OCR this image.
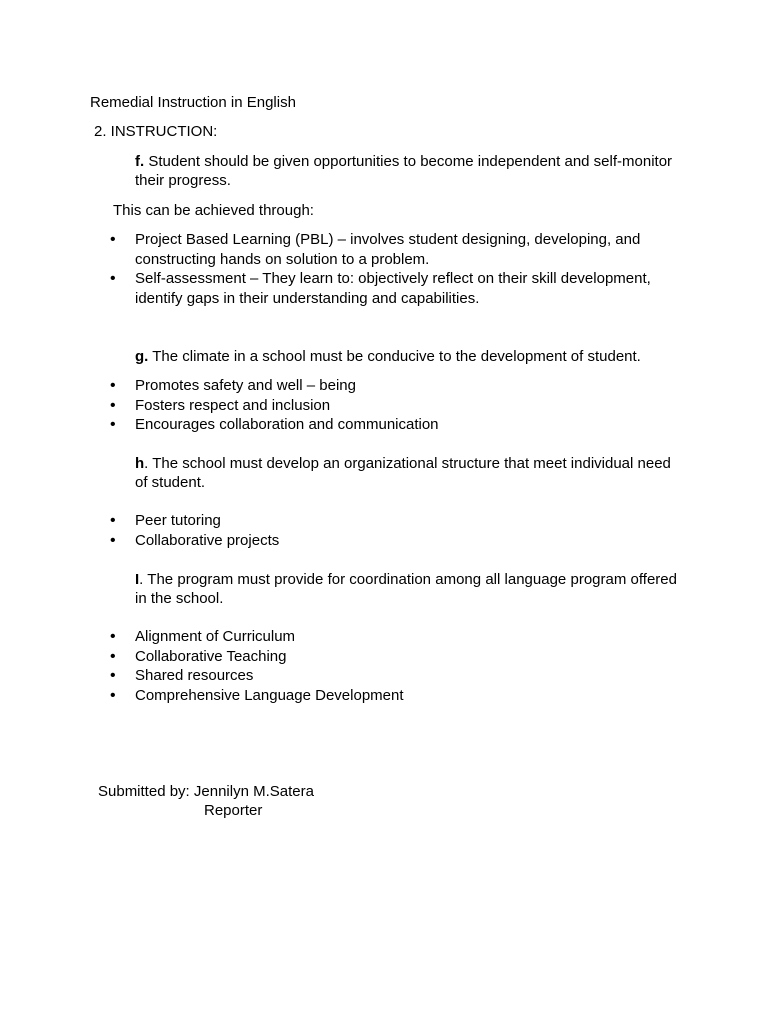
Remedial Instruction in English
2. INSTRUCTION:
f. Student should be given opportunities to become independent and self-monitor their progress.
This can be achieved through:
• Project Based Learning (PBL) – involves student designing, developing, and constructing hands on solution to a problem.
• Self-assessment – They learn to: objectively reflect on their skill development, identify gaps in their understanding and capabilities.
g. The climate in a school must be conducive to the development of student.
• Promotes safety and well – being
• Fosters respect and inclusion
• Encourages collaboration and communication
h. The school must develop an organizational structure that meet individual need of student.
• Peer tutoring
• Collaborative projects
I. The program must provide for coordination among all language program offered in the school.
• Alignment of Curriculum
• Collaborative Teaching
• Shared resources
• Comprehensive Language Development
Submitted by: Jennilyn M.Satera
Reporter
